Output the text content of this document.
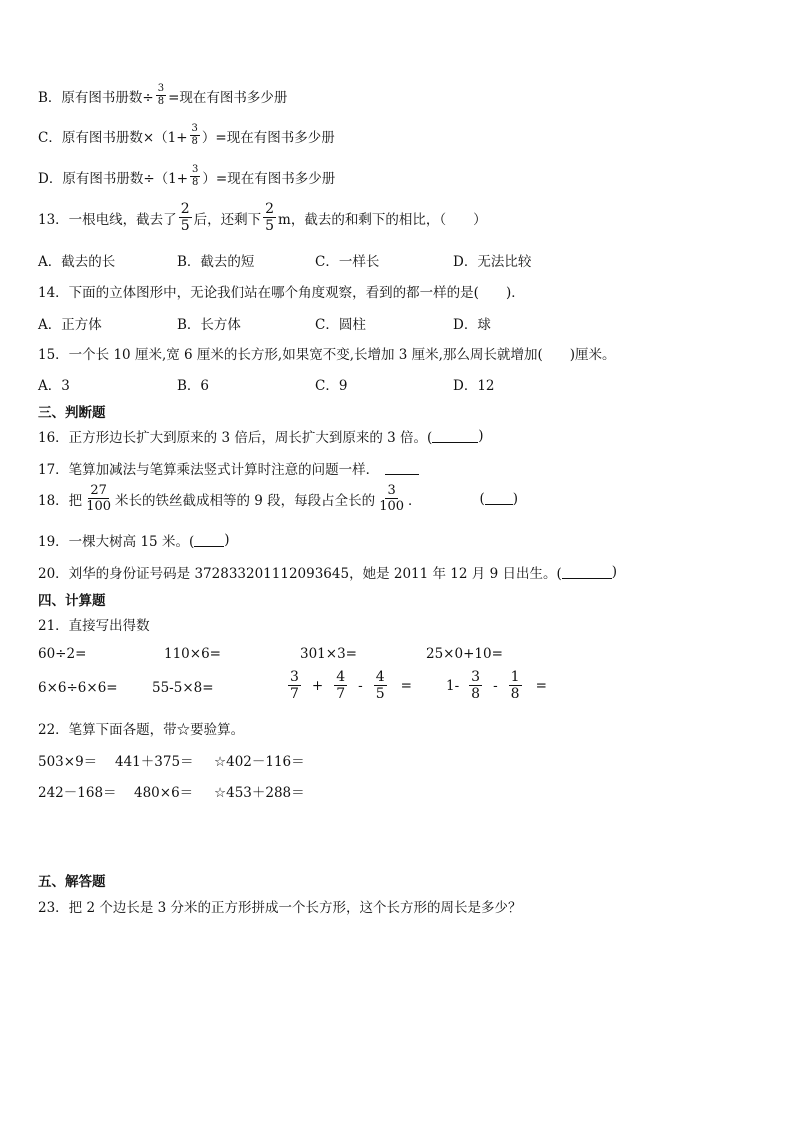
B．原有图书册数÷ $\frac{3}{8}$ =现在有图书多少册
C．原有图书册数$\times(1+ \frac{3}{8}$ ）=现在有图书多少册
D．原有图书册数$\div(1+ \frac{3}{8}$ ）=现在有图书多少册
13．一根电线，截去了 $\frac{2}{5}$ 后，还剩下 $\frac{2}{5}$ m，截去的和剩下的相比，（　　）
A．截去的长	B．截去的短	C．一样长	D．无法比较
14．下面的立体图形中，无论我们站在哪个角度观察，看到的都一样的是(　　)．
A．正方体	B．长方体	C．圆柱	D．球
15．一个长 10 厘米,宽 6 厘米的长方形,如果宽不变,长增加 3 厘米,那么周长就增加(　　)厘米。
A．3	B．6	C．9	D．12
三、判断题
16．正方形边长扩大到原来的 3 倍后，周长扩大到原来的 3 倍。(	)
17．笔算加减法与笔算乘法竖式计算时注意的问题一样．
18．把 $\frac{27}{100}$ 米长的铁丝截成相等的 9 段，每段占全长的 $\frac{3}{100}$ ．	( )
19．一棵大树高 15 米。( )
20．刘华的身份证号码是 372833201112093645，她是 2011 年 12 月 9 日出生。(	)
四、计算题
21．直接写出得数
60÷2=	110×6=	301×3=	25×0+10=
6×6÷6×6=	55-5×8=	$\frac{3}{7} + \frac{4}{7} - \frac{4}{5}$ =	$1- \frac{3}{8} - \frac{1}{8}$ =
22．笔算下面各题，带☆要验算。
503×9＝ 441＋375＝ ☆402－116＝
242－168＝ 480×6＝ ☆453＋288＝
五、解答题
23．把 2 个边长是 3 分米的正方形拼成一个长方形，这个长方形的周长是多少？
